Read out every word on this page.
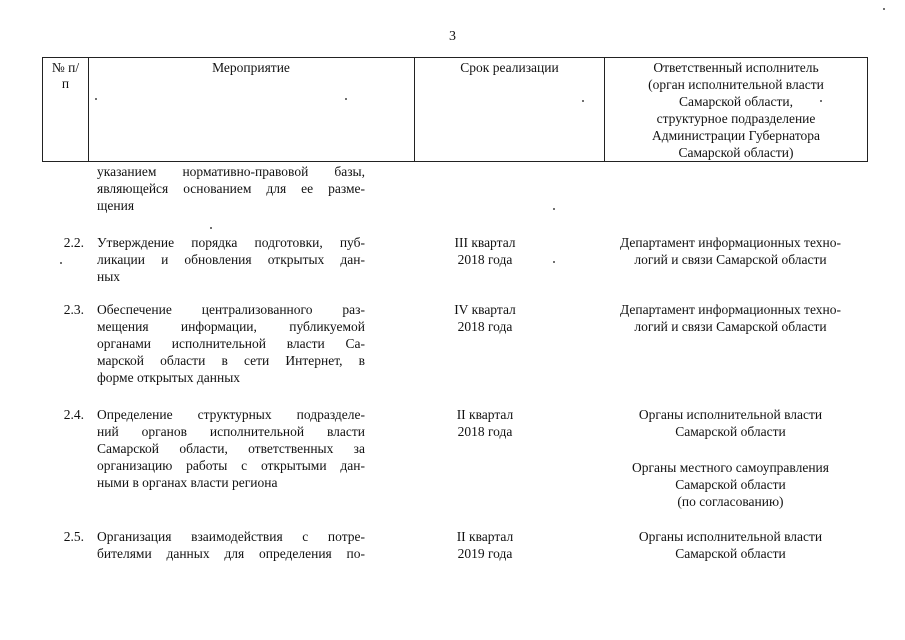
3
№ п/п
Мероприятие	Срок реализации	Ответственный исполнитель
(орган исполнительной власти
Самарской области,
структурное подразделение
Администрации Губернатора
Самарской области)
указанием нормативно-правовой базы,
являющейся основанием для ее разме-
щения
2.2. Утверждение порядка подготовки, пуб-
ликации и обновления открытых дан-
ных
III квартал
2018 года
Департамент информационных техно-
логий и связи Самарской области
2.3. Обеспечение централизованного раз-
мещения информации, публикуемой
органами исполнительной власти Са-
марской области в сети Интернет, в
форме открытых данных
IV квартал
2018 года
Департамент информационных техно-
логий и связи Самарской области
2.4. Определение структурных подразделе-
ний органов исполнительной власти
Самарской области, ответственных за
организацию работы с открытыми дан-
ными в органах власти региона
II квартал
2018 года
Органы исполнительной власти
Самарской области
Органы местного самоуправления
Самарской области
(по согласованию)
2.5. Организация взаимодействия с потре-
бителями данных для определения по-
II квартал
2019 года
Органы исполнительной власти
Самарской области
